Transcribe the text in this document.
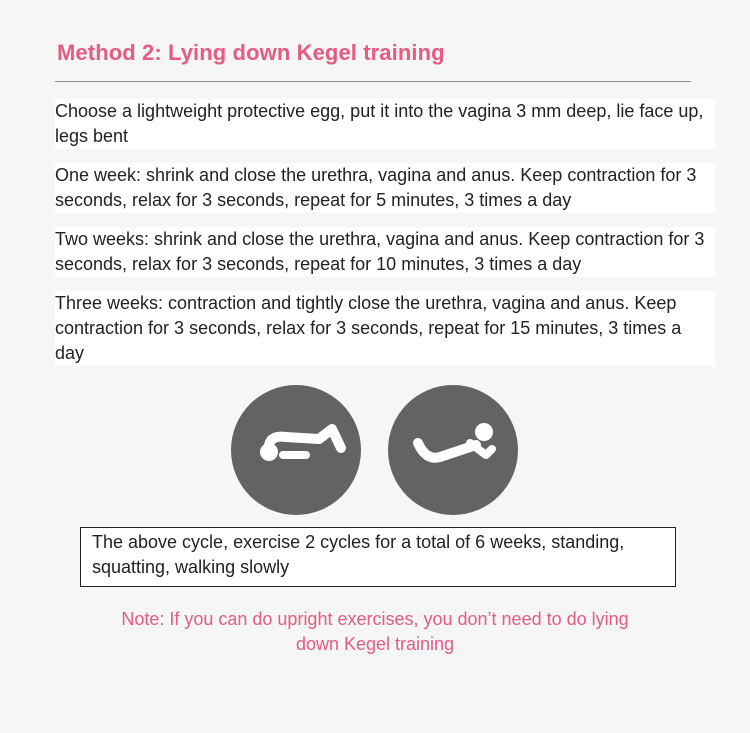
Method 2: Lying down Kegel training
Choose a lightweight protective egg, put it into the vagina 3 mm deep, lie face up, legs bent One week: shrink and close the urethra, vagina and anus. Keep contraction for 3 seconds, relax for 3 seconds, repeat for 5 minutes, 3 times a day Two weeks: shrink and close the urethra, vagina and anus. Keep contraction for 3 seconds, relax for 3 seconds, repeat for 10 minutes, 3 times a day Three weeks: contraction and tightly close the urethra, vagina and anus. Keep contraction for 3 seconds, relax for 3 seconds, repeat for 15 minutes, 3 times a day
The above cycle, exercise 2 cycles for a total of 6 weeks, standing, squatting, walking slowly
Note: If you can do upright exercises, you don’t need to do lying down Kegel training
